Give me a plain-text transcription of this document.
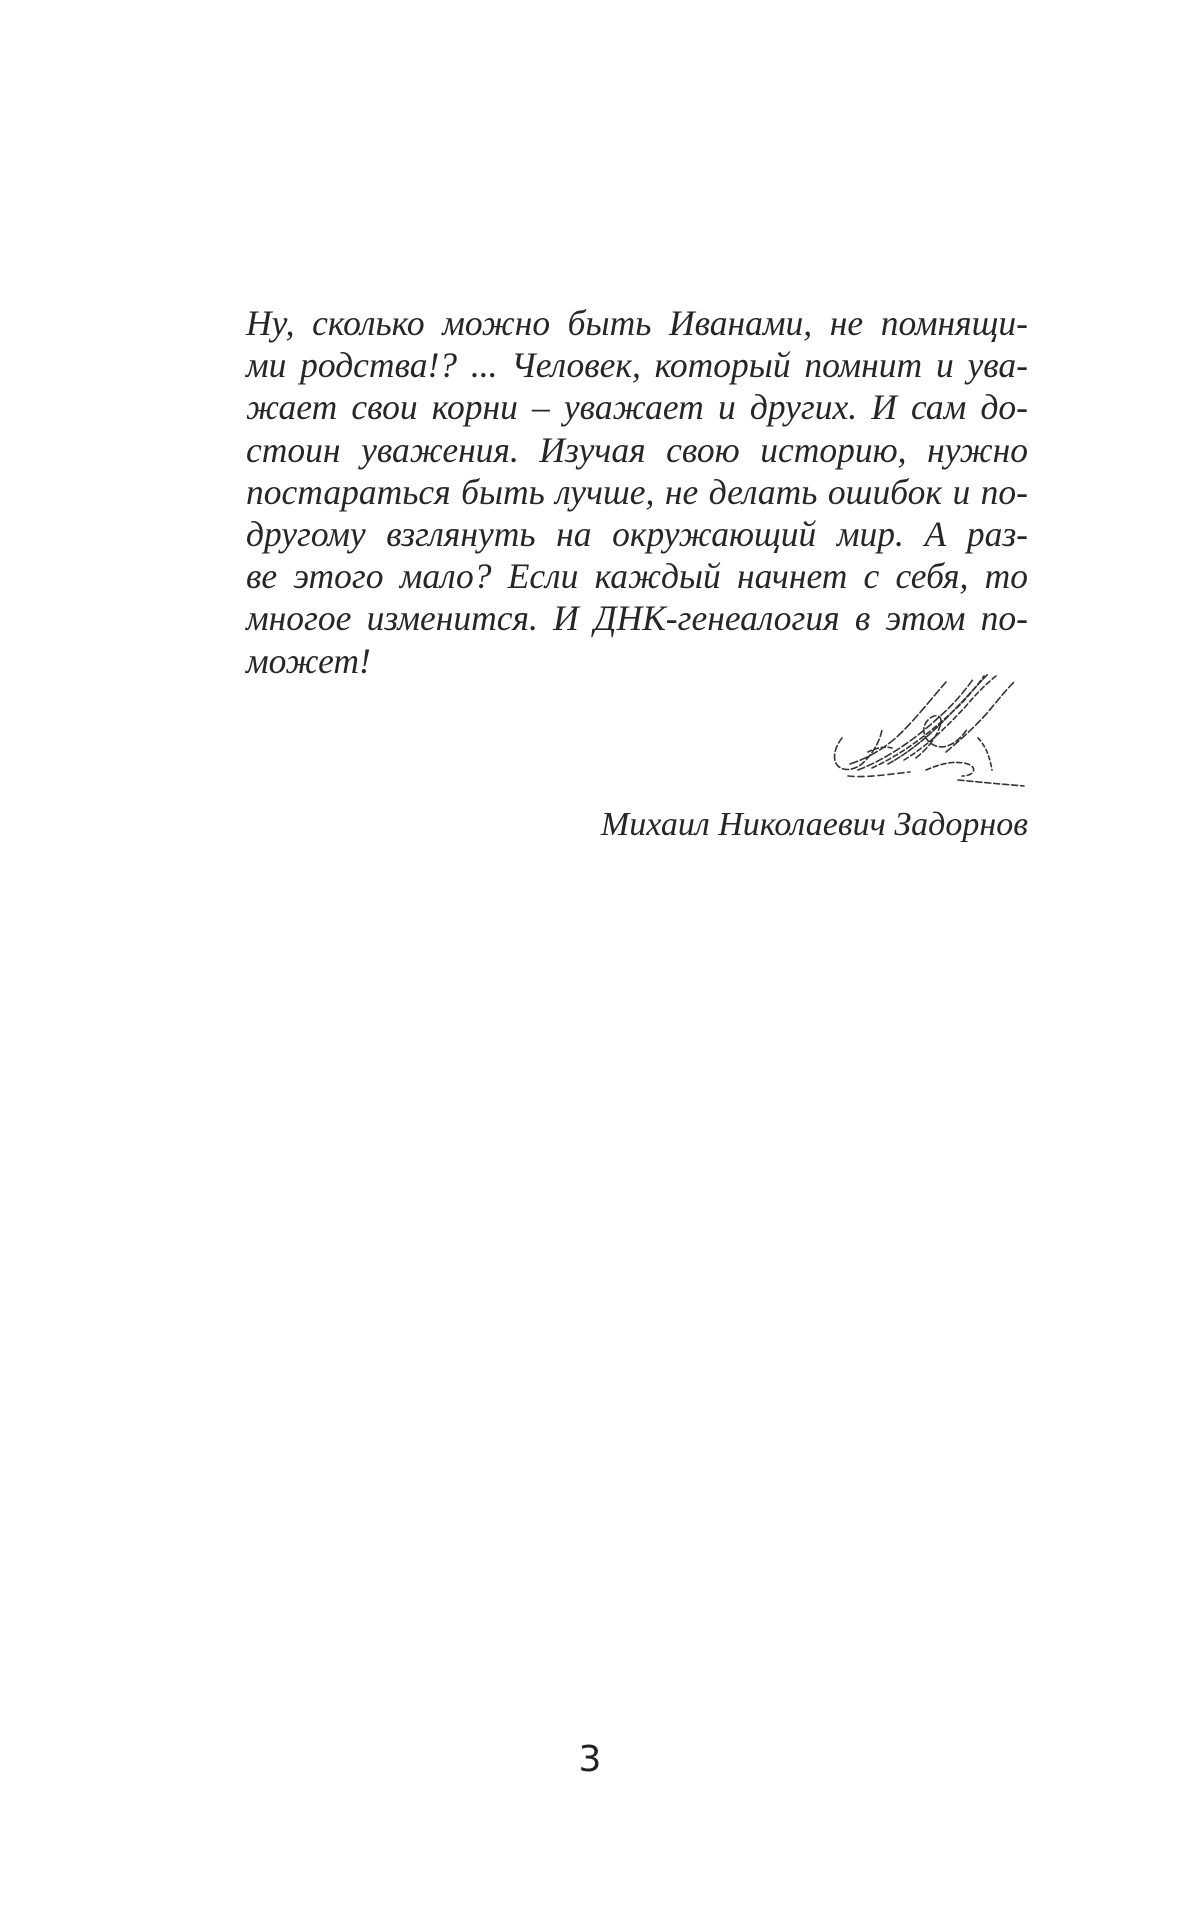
Ну, сколько можно быть Иванами, не помнящи-
ми родства!? ... Человек, который помнит и ува-
жает свои корни – уважает и других. И сам до-
стоин уважения. Изучая свою историю, нужно
постараться быть лучше, не делать ошибок и по-
другому взглянуть на окружающий мир. А раз-
ве этого мало? Если каждый начнет с себя, то
многое изменится. И ДНК-генеалогия в этом по-
может!
Михаил Николаевич Задорнов
3
